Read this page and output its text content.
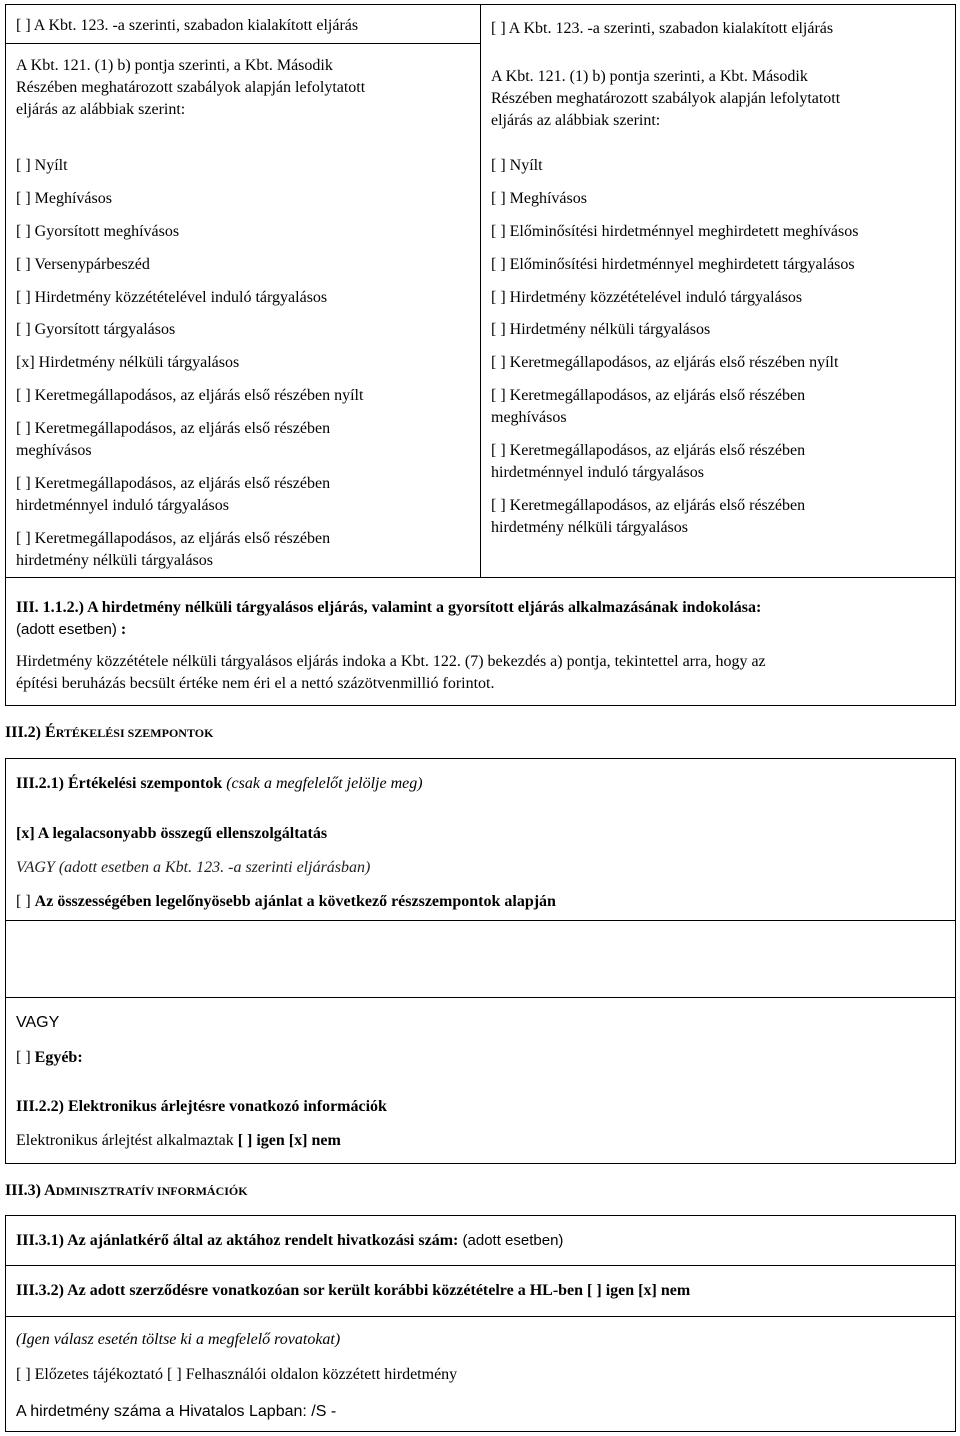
[ ] A Kbt. 123. -a szerinti, szabadon kialakított eljárás
A Kbt. 121. (1) b) pontja szerinti, a Kbt. Második
Részében meghatározott szabályok alapján lefolytatott
eljárás az alábbiak szerint:
[ ] Nyílt
[ ] Meghívásos
[ ] Gyorsított meghívásos
[ ] Versenypárbeszéd
[ ] Hirdetmény közzétételével induló tárgyalásos
[ ] Gyorsított tárgyalásos
[x] Hirdetmény nélküli tárgyalásos
[ ] Keretmegállapodásos, az eljárás első részében nyílt
[ ] Keretmegállapodásos, az eljárás első részében
meghívásos
[ ] Keretmegállapodásos, az eljárás első részében
hirdetménnyel induló tárgyalásos
[ ] Keretmegállapodásos, az eljárás első részében
hirdetmény nélküli tárgyalásos
[ ] A Kbt. 123. -a szerinti, szabadon kialakított eljárás
A Kbt. 121. (1) b) pontja szerinti, a Kbt. Második
Részében meghatározott szabályok alapján lefolytatott
eljárás az alábbiak szerint:
[ ] Nyílt
[ ] Meghívásos
[ ] Előminősítési hirdetménnyel meghirdetett meghívásos
[ ] Előminősítési hirdetménnyel meghirdetett tárgyalásos
[ ] Hirdetmény közzétételével induló tárgyalásos
[ ] Hirdetmény nélküli tárgyalásos
[ ] Keretmegállapodásos, az eljárás első részében nyílt
[ ] Keretmegállapodásos, az eljárás első részében
meghívásos
[ ] Keretmegállapodásos, az eljárás első részében
hirdetménnyel induló tárgyalásos
[ ] Keretmegállapodásos, az eljárás első részében
hirdetmény nélküli tárgyalásos
III. 1.1.2.) A hirdetmény nélküli tárgyalásos eljárás, valamint a gyorsított eljárás alkalmazásának indokolása:
(adott esetben) :
Hirdetmény közzététele nélküli tárgyalásos eljárás indoka a Kbt. 122. (7) bekezdés a) pontja, tekintettel arra, hogy az
építési beruházás becsült értéke nem éri el a nettó százötvenmillió forintot.
III.2) ÉRTÉKELÉSI SZEMPONTOK
III.2.1) Értékelési szempontok (csak a megfelelőt jelölje meg)
[x] A legalacsonyabb összegű ellenszolgáltatás
VAGY (adott esetben a Kbt. 123. -a szerinti eljárásban)
[ ] Az összességében legelőnyösebb ajánlat a következő részszempontok alapján
VAGY
[ ] Egyéb:
III.2.2) Elektronikus árlejtésre vonatkozó információk
Elektronikus árlejtést alkalmaztak [ ] igen [x] nem
III.3) ADMINISZTRATÍV INFORMÁCIÓK
III.3.1) Az ajánlatkérő által az aktához rendelt hivatkozási szám: (adott esetben)
III.3.2) Az adott szerződésre vonatkozóan sor került korábbi közzétételre a HL-ben [ ] igen [x] nem
(Igen válasz esetén töltse ki a megfelelő rovatokat)
[ ] Előzetes tájékoztató [ ] Felhasználói oldalon közzétett hirdetmény
A hirdetmény száma a Hivatalos Lapban: /S -
